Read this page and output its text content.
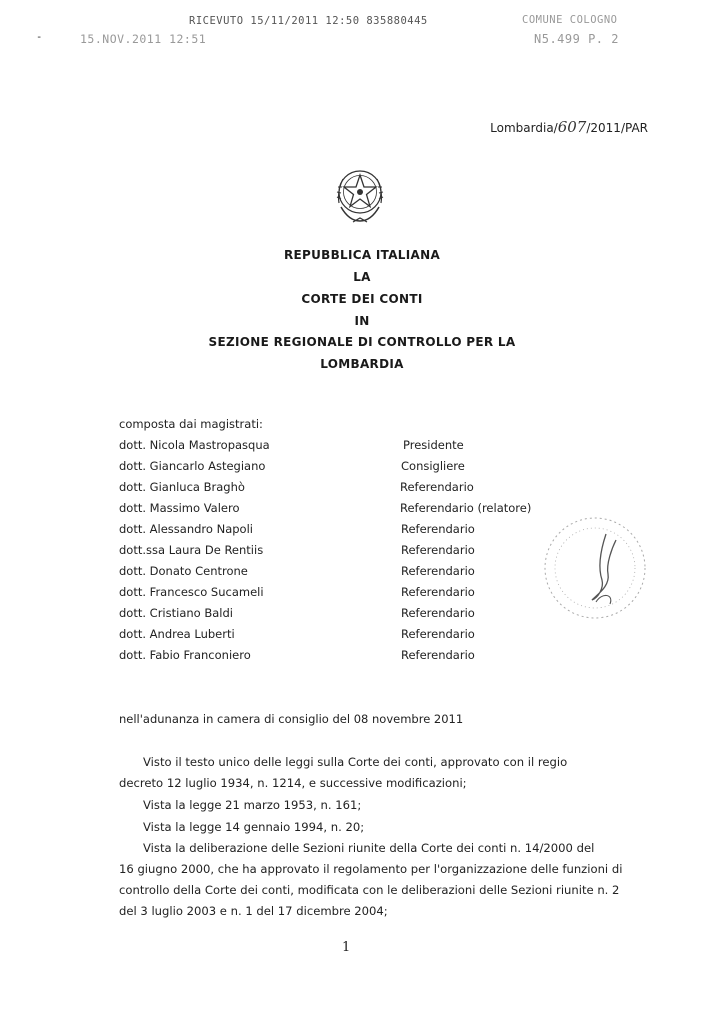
-	15.NOV.2011 12:51
RICEVUTO 15/11/2011 12:50 835880445	COMUNE COLOGNO
N5.499 P. 2
Lombardia/607/2011/PAR
REPUBBLICA ITALIANA
LA
CORTE DEI CONTI
IN
SEZIONE REGIONALE DI CONTROLLO PER LA
LOMBARDIA
composta dai magistrati:
dott. Nicola Mastropasqua	Presidente
dott. Giancarlo Astegiano	Consigliere
dott. Gianluca Braghò	Referendario
dott. Massimo Valero	Referendario (relatore)
dott. Alessandro Napoli	Referendario
dott.ssa Laura De Rentiis	Referendario
dott. Donato Centrone	Referendario
dott. Francesco Sucameli	Referendario
dott. Cristiano Baldi	Referendario
dott. Andrea Luberti	Referendario
dott. Fabio Franconiero	Referendario
nell'adunanza in camera di consiglio del 08 novembre 2011
Visto il testo unico delle leggi sulla Corte dei conti, approvato con il regio
decreto 12 luglio 1934, n. 1214, e successive modificazioni;
Vista la legge 21 marzo 1953, n. 161;
Vista la legge 14 gennaio 1994, n. 20;
Vista la deliberazione delle Sezioni riunite della Corte dei conti n. 14/2000 del
16 giugno 2000, che ha approvato il regolamento per l'organizzazione delle funzioni di
controllo della Corte dei conti, modificata con le deliberazioni delle Sezioni riunite n. 2
del 3 luglio 2003 e n. 1 del 17 dicembre 2004;
1
